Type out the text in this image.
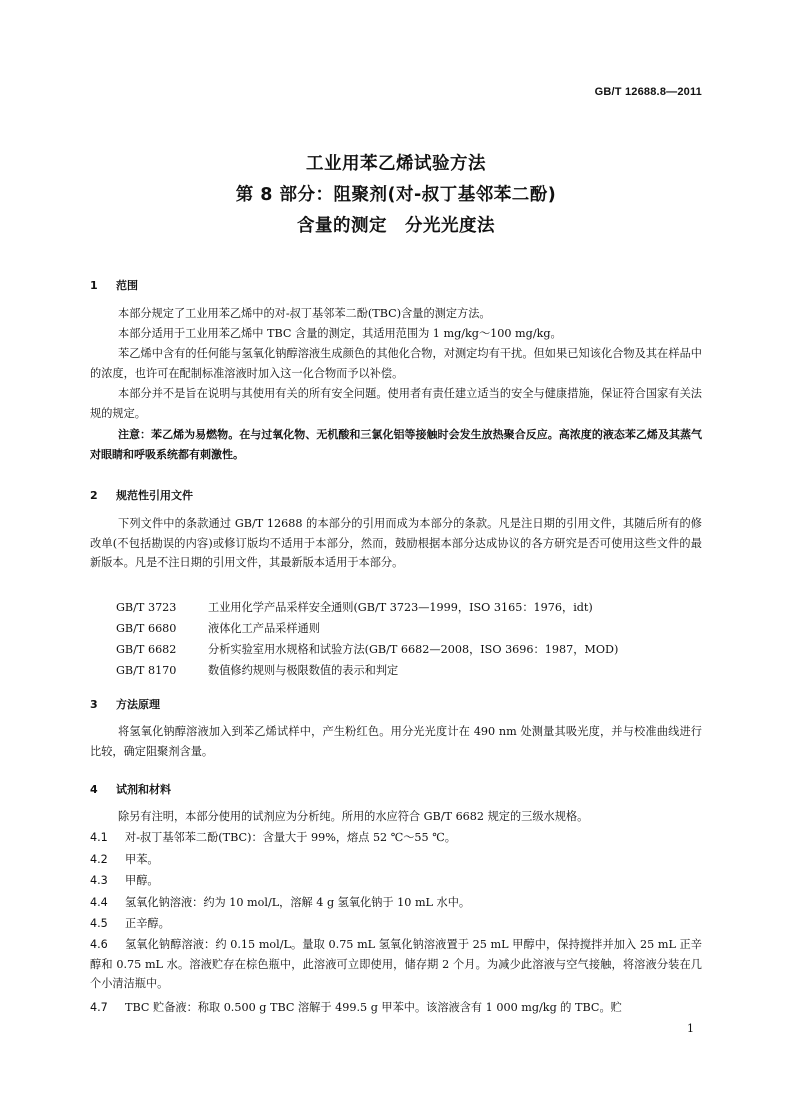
GB/T 12688.8—2011
工业用苯乙烯试验方法
第 8 部分：阻聚剂(对-叔丁基邻苯二酚)
含量的测定　分光光度法
1 范围
本部分规定了工业用苯乙烯中的对-叔丁基邻苯二酚(TBC)含量的测定方法。
本部分适用于工业用苯乙烯中 TBC 含量的测定，其适用范围为 1 mg/kg～100 mg/kg。
苯乙烯中含有的任何能与氢氧化钠醇溶液生成颜色的其他化合物，对测定均有干扰。但如果已知该化合物及其在样品中的浓度，也许可在配制标准溶液时加入这一化合物而予以补偿。
本部分并不是旨在说明与其使用有关的所有安全问题。使用者有责任建立适当的安全与健康措施，保证符合国家有关法规的规定。
注意：苯乙烯为易燃物。在与过氧化物、无机酸和三氯化铝等接触时会发生放热聚合反应。高浓度的液态苯乙烯及其蒸气对眼睛和呼吸系统都有刺激性。
2 规范性引用文件
下列文件中的条款通过 GB/T 12688 的本部分的引用而成为本部分的条款。凡是注日期的引用文件，其随后所有的修改单(不包括勘误的内容)或修订版均不适用于本部分，然而，鼓励根据本部分达成协议的各方研究是否可使用这些文件的最新版本。凡是不注日期的引用文件，其最新版本适用于本部分。
GB/T 3723	工业用化学产品采样安全通则(GB/T 3723—1999，ISO 3165：1976，idt)
GB/T 6680	液体化工产品采样通则
GB/T 6682	分析实验室用水规格和试验方法(GB/T 6682—2008，ISO 3696：1987，MOD)
GB/T 8170	数值修约规则与极限数值的表示和判定
3 方法原理
将氢氧化钠醇溶液加入到苯乙烯试样中，产生粉红色。用分光光度计在 490 nm 处测量其吸光度，并与校准曲线进行比较，确定阻聚剂含量。
4 试剂和材料
除另有注明，本部分使用的试剂应为分析纯。所用的水应符合 GB/T 6682 规定的三级水规格。
4.1 对-叔丁基邻苯二酚(TBC)：含量大于 99%，熔点 52 ℃～55 ℃。
4.2 甲苯。
4.3 甲醇。
4.4 氢氧化钠溶液：约为 10 mol/L，溶解 4 g 氢氧化钠于 10 mL 水中。
4.5 正辛醇。
4.6 氢氧化钠醇溶液：约 0.15 mol/L。量取 0.75 mL 氢氧化钠溶液置于 25 mL 甲醇中，保持搅拌并加入 25 mL 正辛醇和 0.75 mL 水。溶液贮存在棕色瓶中，此溶液可立即使用，储存期 2 个月。为减少此溶液与空气接触，将溶液分装在几个小清洁瓶中。
4.7 TBC 贮备液：称取 0.500 g TBC 溶解于 499.5 g 甲苯中。该溶液含有 1 000 mg/kg 的 TBC。贮
1
